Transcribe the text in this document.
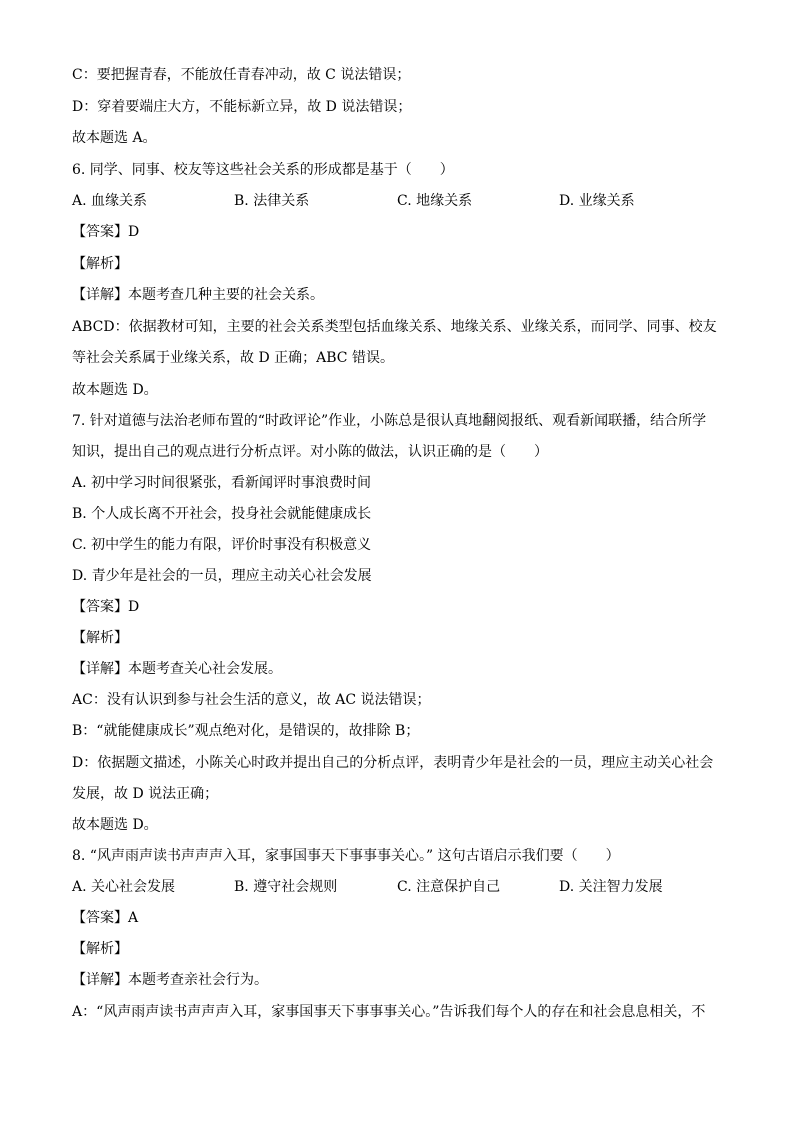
C：要把握青春，不能放任青春冲动，故 C 说法错误；
D：穿着要端庄大方，不能标新立异，故 D 说法错误；
故本题选 A。
6. 同学、同事、校友等这些社会关系的形成都是基于（　　）
A. 血缘关系	B. 法律关系	C. 地缘关系	D. 业缘关系
【答案】D
【解析】
【详解】本题考查几种主要的社会关系。
ABCD：依据教材可知，主要的社会关系类型包括血缘关系、地缘关系、业缘关系，而同学、同事、校友
等社会关系属于业缘关系，故 D 正确；ABC 错误。
故本题选 D。
7. 针对道德与法治老师布置的“时政评论”作业，小陈总是很认真地翻阅报纸、观看新闻联播，结合所学
知识，提出自己的观点进行分析点评。对小陈的做法，认识正确的是（　　）
A. 初中学习时间很紧张，看新闻评时事浪费时间
B. 个人成长离不开社会，投身社会就能健康成长
C. 初中学生的能力有限，评价时事没有积极意义
D. 青少年是社会的一员，理应主动关心社会发展
【答案】D
【解析】
【详解】本题考查关心社会发展。
AC：没有认识到参与社会生活的意义，故 AC 说法错误；
B：“就能健康成长”观点绝对化，是错误的，故排除 B；
D：依据题文描述，小陈关心时政并提出自己的分析点评，表明青少年是社会的一员，理应主动关心社会
发展，故 D 说法正确；
故本题选 D。
8. “风声雨声读书声声声入耳，家事国事天下事事事关心。” 这句古语启示我们要（　　）
A. 关心社会发展	B. 遵守社会规则	C. 注意保护自己	D. 关注智力发展
【答案】A
【解析】
【详解】本题考查亲社会行为。
A：“风声雨声读书声声声入耳，家事国事天下事事事关心。”告诉我们每个人的存在和社会息息相关，不
